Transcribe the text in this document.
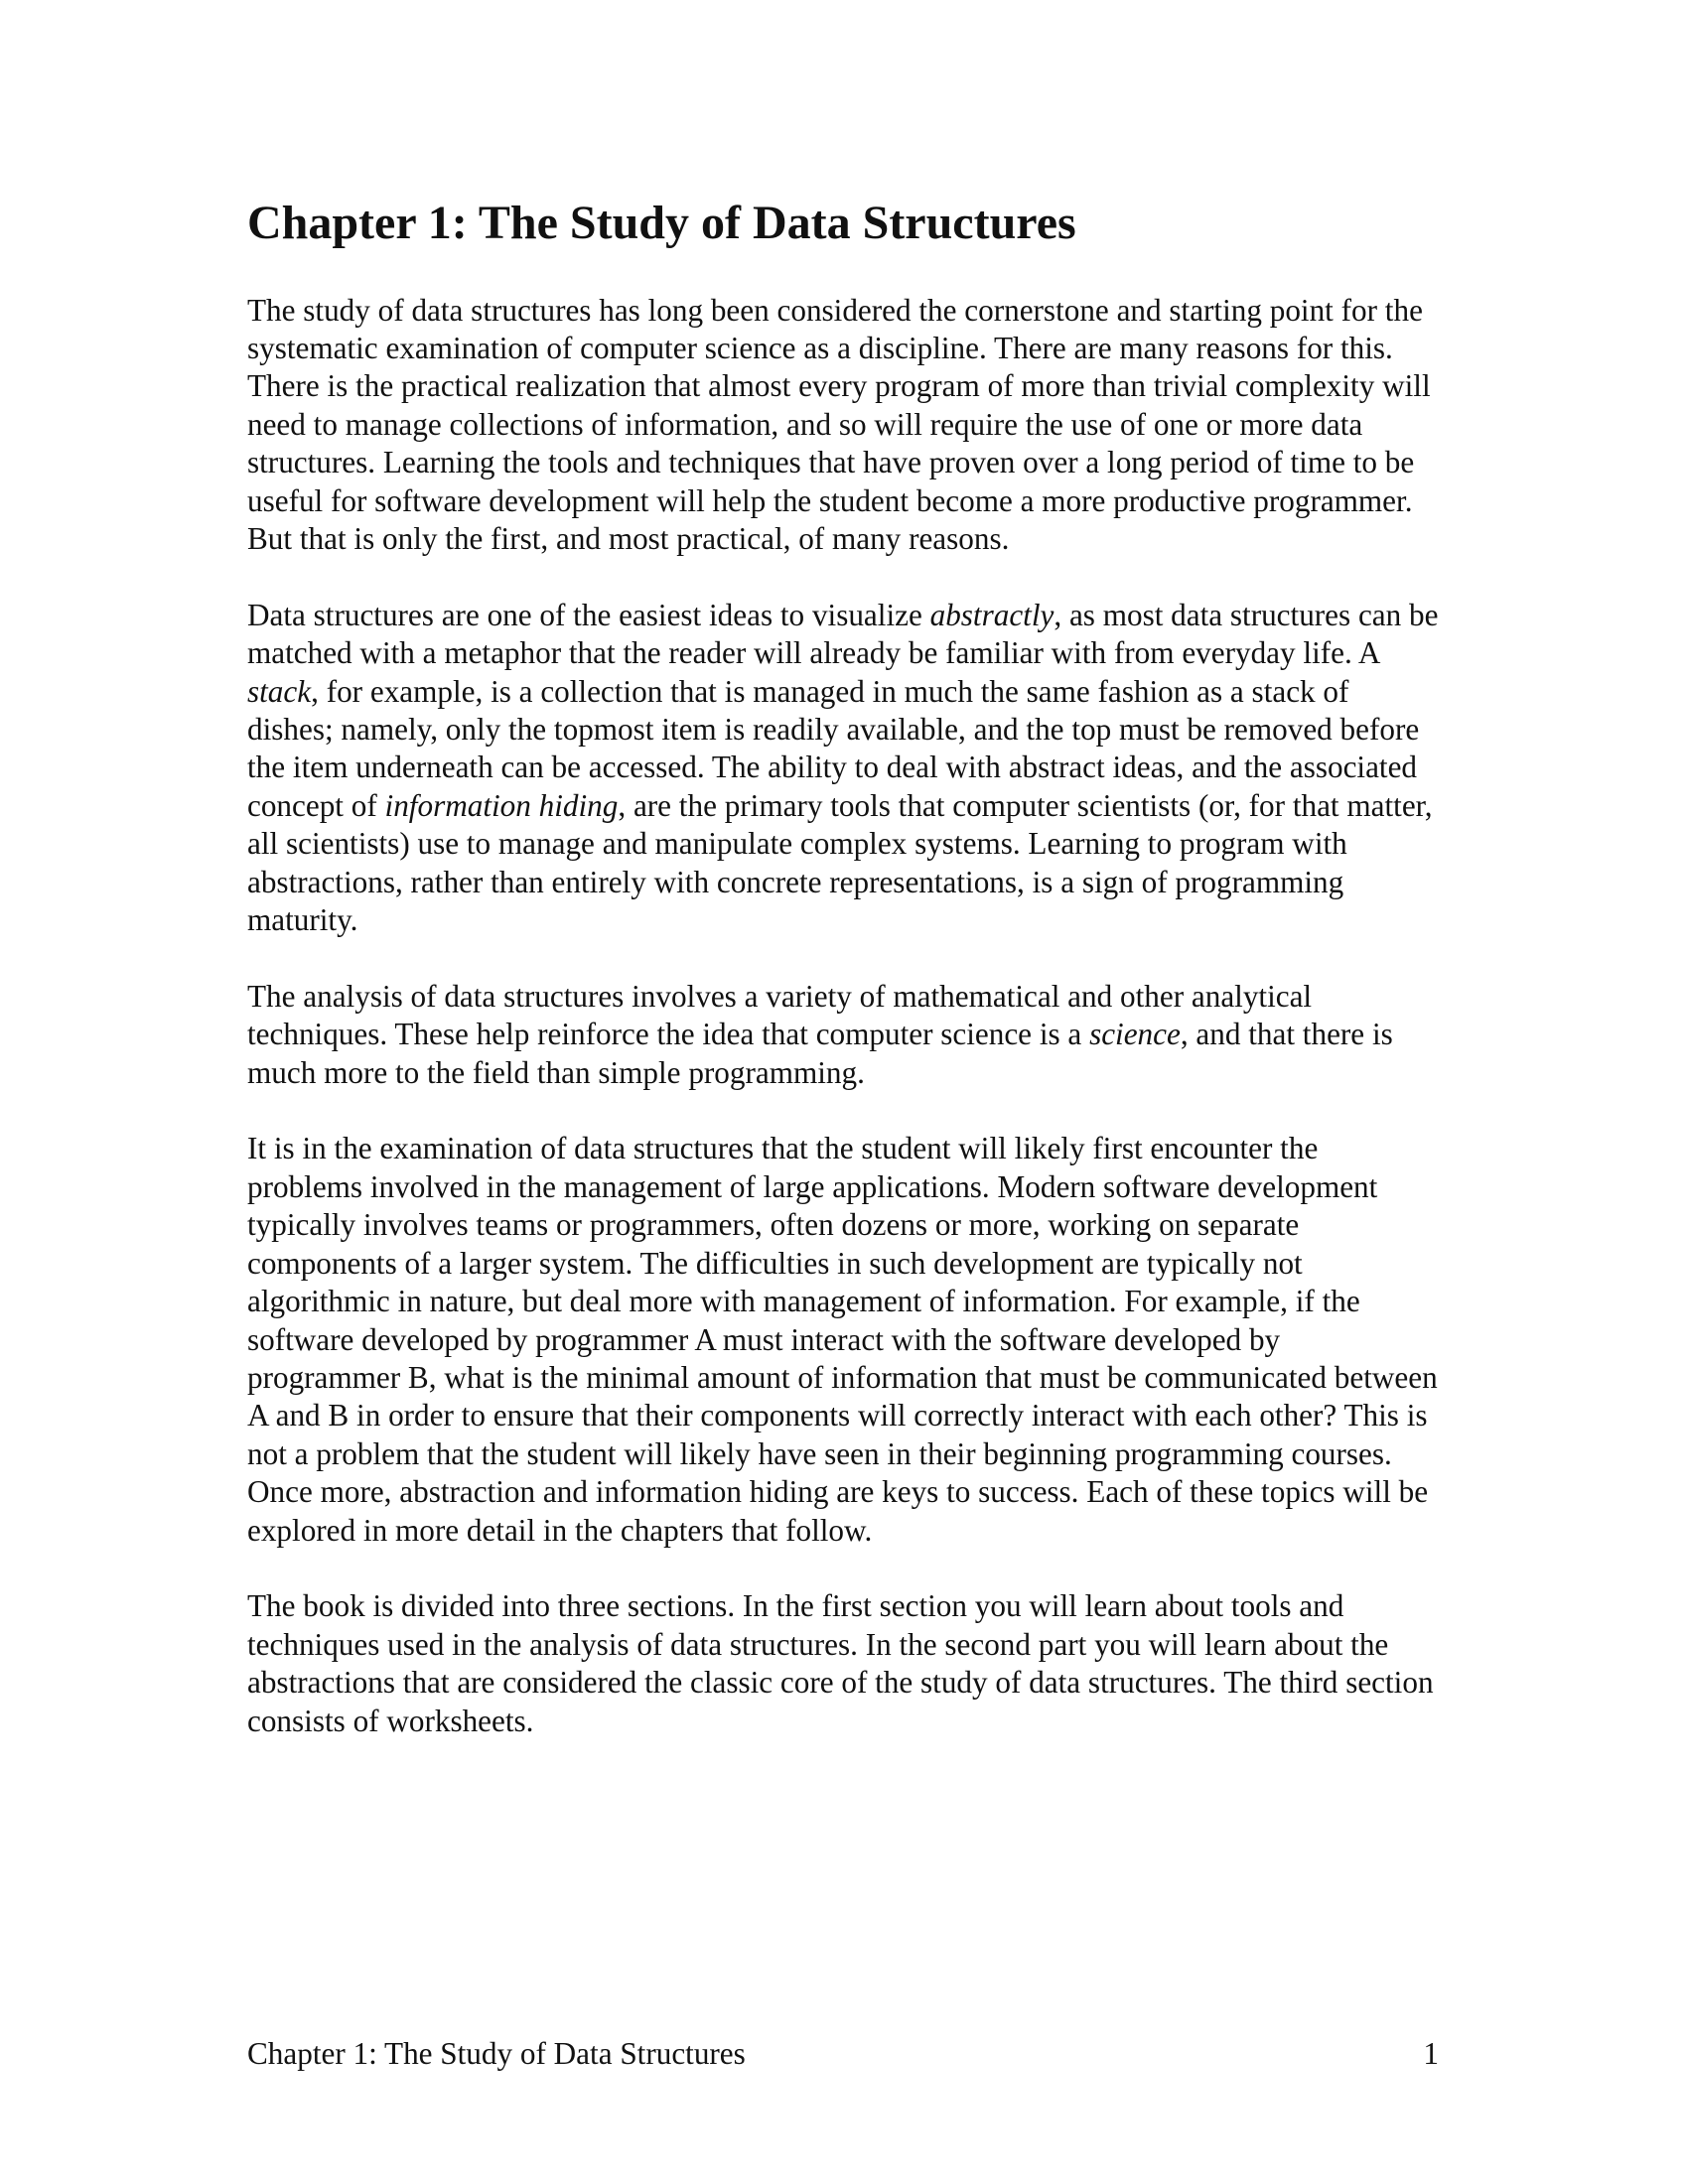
Chapter 1: The Study of Data Structures

The study of data structures has long been considered the cornerstone and starting point for the systematic examination of computer science as a discipline. There are many reasons for this. There is the practical realization that almost every program of more than trivial complexity will need to manage collections of information, and so will require the use of one or more data structures. Learning the tools and techniques that have proven over a long period of time to be useful for software development will help the student become a more productive programmer. But that is only the first, and most practical, of many reasons.

Data structures are one of the easiest ideas to visualize abstractly, as most data structures can be matched with a metaphor that the reader will already be familiar with from everyday life. A stack, for example, is a collection that is managed in much the same fashion as a stack of dishes; namely, only the topmost item is readily available, and the top must be removed before the item underneath can be accessed. The ability to deal with abstract ideas, and the associated concept of information hiding, are the primary tools that computer scientists (or, for that matter, all scientists) use to manage and manipulate complex systems. Learning to program with abstractions, rather than entirely with concrete representations, is a sign of programming maturity.

The analysis of data structures involves a variety of mathematical and other analytical techniques. These help reinforce the idea that computer science is a science, and that there is much more to the field than simple programming.

It is in the examination of data structures that the student will likely first encounter the problems involved in the management of large applications. Modern software development typically involves teams or programmers, often dozens or more, working on separate components of a larger system. The difficulties in such development are typically not algorithmic in nature, but deal more with management of information. For example, if the software developed by programmer A must interact with the software developed by programmer B, what is the minimal amount of information that must be communicated between A and B in order to ensure that their components will correctly interact with each other? This is not a problem that the student will likely have seen in their beginning programming courses. Once more, abstraction and information hiding are keys to success. Each of these topics will be explored in more detail in the chapters that follow.

The book is divided into three sections. In the first section you will learn about tools and techniques used in the analysis of data structures. In the second part you will learn about the abstractions that are considered the classic core of the study of data structures. The third section consists of worksheets.

Chapter 1: The Study of Data Structures	1
